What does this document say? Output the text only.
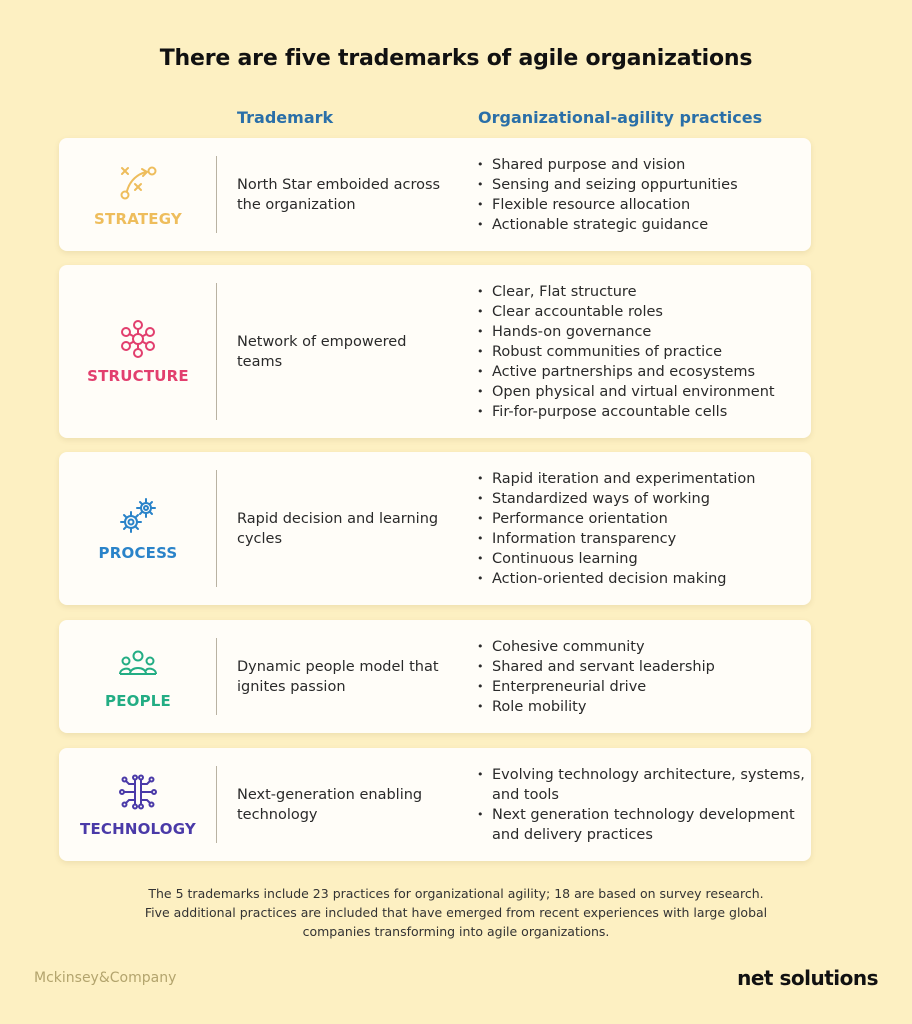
There are five trademarks of agile organizations
Trademark	Organizational-agility practices
STRATEGY
North Star emboided across the organization
• Shared purpose and vision
• Sensing and seizing oppurtunities
• Flexible resource allocation
• Actionable strategic guidance
STRUCTURE
Network of empowered teams
• Clear, Flat structure
• Clear accountable roles
• Hands-on governance
• Robust communities of practice
• Active partnerships and ecosystems
• Open physical and virtual environment
• Fir-for-purpose accountable cells
PROCESS
Rapid decision and learning cycles
• Rapid iteration and experimentation
• Standardized ways of working
• Performance orientation
• Information transparency
• Continuous learning
• Action-oriented decision making
PEOPLE
Dynamic people model that ignites passion
• Cohesive community
• Shared and servant leadership
• Enterpreneurial drive
• Role mobility
TECHNOLOGY
Next-generation enabling technology
• Evolving technology architecture, systems, and tools
• Next generation technology development and delivery practices
The 5 trademarks include 23 practices for organizational agility; 18 are based on survey research.
Five additional practices are included that have emerged from recent experiences with large global
companies transforming into agile organizations.
Mckinsey&Company	net solutions
